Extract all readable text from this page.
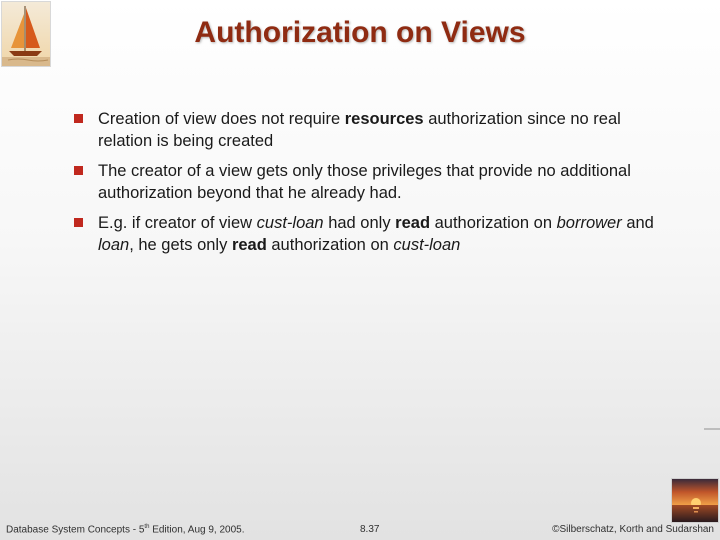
Authorization on Views
Creation of view does not require resources authorization since no real relation is being created
The creator of a view gets only those privileges that provide no additional authorization beyond that he already had.
E.g. if creator of view cust-loan had only read authorization on borrower and loan, he gets only read authorization on cust-loan
Database System Concepts - 5th Edition, Aug 9, 2005.	8.37	©Silberschatz, Korth and Sudarshan
